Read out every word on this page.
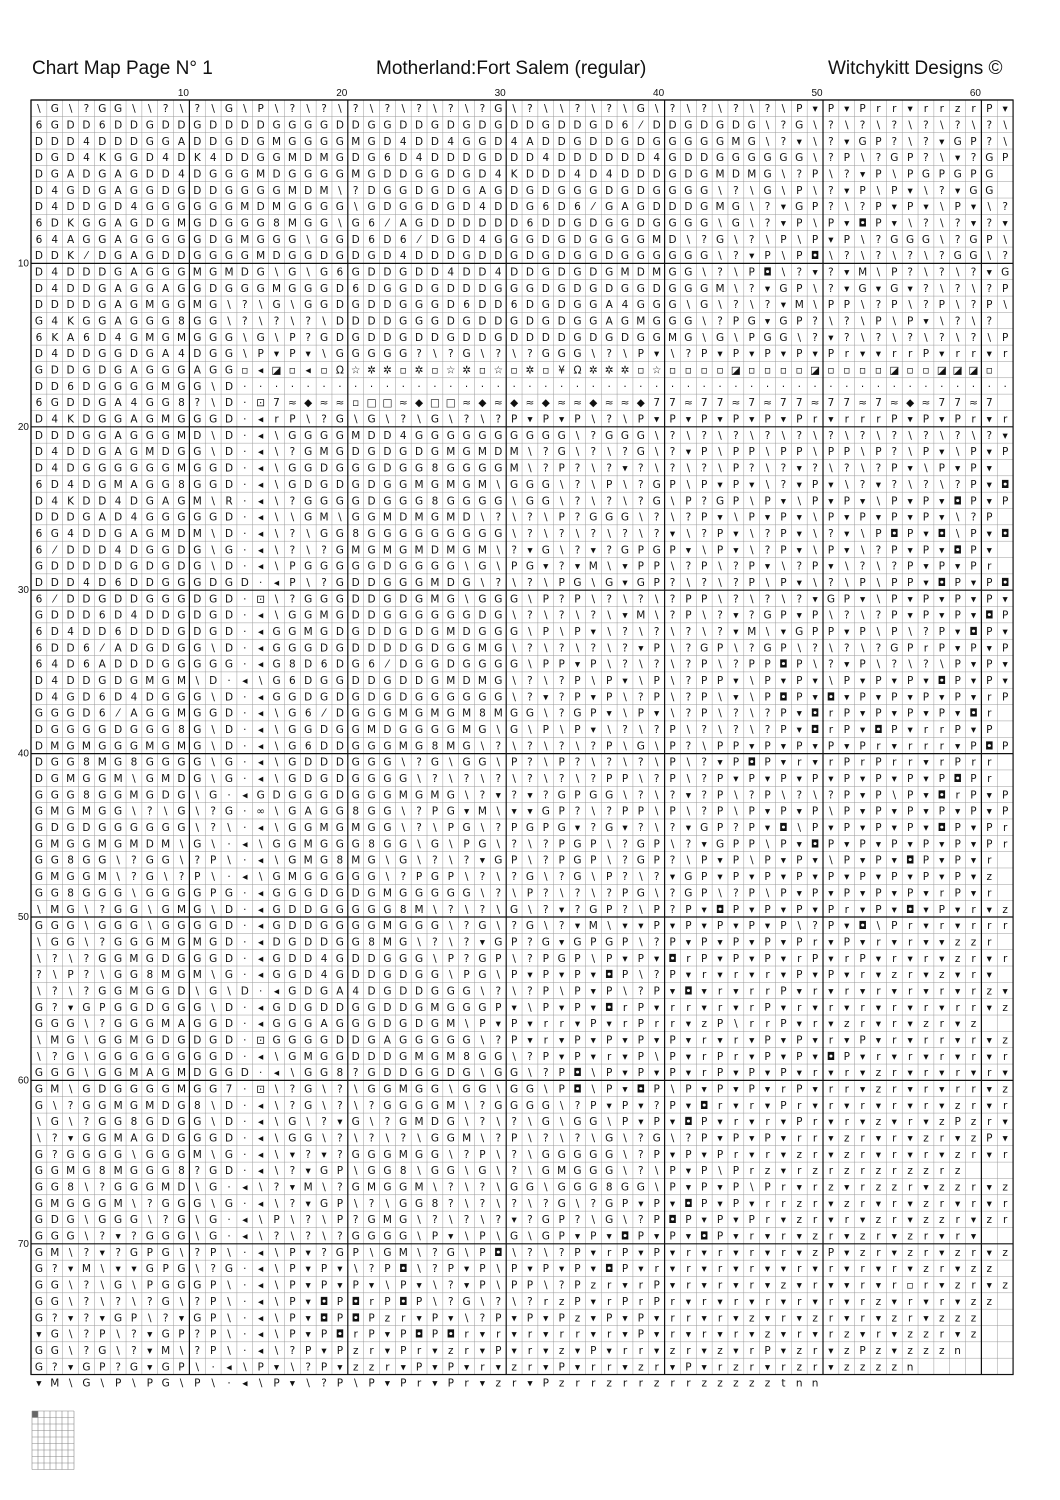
Chart Map Page N° 1	Motherland:Fort Salem (regular)	Witchykitt Designs ©
\ G \ ? G G \ \ ? \ ? \ G \ P \ ? \ ? \ ? \ ? \ ? \ ? \ ? G \ ? \ \ ? \ ? \ G \ ? \ ? \ ? \ ? \ P ▾ P ▾ P r r ▾ r r z r P ▾
6 G D D 6 D D G D D G D D D D G G G G D D G G D D G D G D G D D G D D G D 6 ⁄ D D G D G D G \ ? G \ ? \ ? \ ? \ ? \ ? \ ? \
D D D 4 D D D G G A D D G D G M G G G G M G D 4 D D 4 G G D 4 A D D G D D G D G G G G G M G \ ? ▾ \ ? ▾ G P ? \ ? ▾ G P ? \
D G D 4 K G G D 4 D K 4 D D G G M D M G D G 6 D 4 D D D G D D D 4 D D D D D D 4 G D D G G G G G G \ ? P \ ? G P ? \ ▾ ? G P
D G A D G A G D D 4 D G G G M D G G G G M G D D G G D G D 4 K D D D 4 D 4 D D D G D G M D M G \ ? P \ ? ▾ P \ P G P G P G
D 4 G D G A G G D G D D G G G G M D M \ ? D G G D G D G A G D G D G G G D G D G G G G \ ? \ G \ P \ ? ▾ P \ P ▾ \ ? ▾ G G
D 4 D D G D 4 G G G G G G M D M G G G G \ G D G G D G D 4 D D G 6 D 6 ⁄ G A G D D D G M G \ ? ▾ G P ? \ ? P ▾ P ▾ \ P ▾ \ ?
6 D K G G A G D G M G D G G G 8 M G G \ G 6 ⁄ A G D D D D D D 6 D D G D G G D G G G G \ G \ ? ▾ P \ P ▾ ◘ P ▾ \ ? \ ? ▾ ? ▾
6 4 A G G A G G G G G D G M G G G \ G G D 6 D 6 ⁄ D G D 4 G G G D G D G G G G M D \ ? G \ ? \ P \ P ▾ P \ ? G G G \ ? G P \
D D K ⁄ D G A G D D G G G G M D G G D G D G D 4 D D D G D D G D G D G G D G G G G G G \ ? ▾ P \ P ◘ \ ? \ ? \ ? \ ? G G \ ?
D 4 D D D G A G G G M G M D G \ G \ G 6 G D D G D D 4 D D 4 D D G D G D G M D M G G \ ? \ P ◘ \ ? ▾ ? ▾ M \ P ? \ ? \ ? ▾ G
D 4 D D G A G G A G G D G G G M G G G D 6 D G G D G D D D G G G D G D G D G G D G G G M \ ? ▾ G P \ ? ▾ G ▾ G ▾ ? \ ? \ ? P
D D D D G A G M G G M G \ ? \ G \ G G D G D D G G G D 6 D D 6 D G D G G A 4 G G G \ G \ ? \ ? ▾ M \ P P \ ? P \ ? P \ ? P \
G 4 K G G A G G G 8 G G \ ? \ ? \ ? \ D D D D G G G D G D D G D G D G G A G M G G G \ ? P G ▾ G P ? \ ? \ P \ P ▾ \ ? \ ?
6 K A 6 D 4 G M G M G G G \ G \ P ? G D G D D G D D G D D G D D D D G D G D G G M G \ G \ P G G \ ? ▾ ? \ ? \ ? \ ? \ ? \ P
D 4 D D G G D G A 4 D G G \ P ▾ P ▾ \ G G G G G ? \ ? G \ ? \ ? G G G \ ? \ P ▾ \ ? P ▾ P ▾ P ▾ P ▾ P r ▾ ▾ r r P ▾ r r ▾ r
G D D G D G A G G G A G G ▫ ◂ ◪ ▫ ◂ ▫ Ω ☆ ✲ ✲ ▫ ✲ ▫ ☆ ✲ ▫ ☆ ▫ ✲ ▫ ¥ Ω ✲ ✲ ✲ ▫ ☆ ▫ ▫ ▫ ▫ ◪ ▫ ▫ ▫ ▫ ◪ ▫ ▫ ▫ ▫ ◪ ▫ ▫ ◪ ◪ ◪ ▫
D D 6 D G G G G M G G \ D · · · · · · · · · · · · · · · · · · · · · · · · · · · · · · · · · · · · · · · · · · · · · · · · ·
6 G D D G A 4 G G 8 ? \ D · ⊡ 7 ≈ ◆ ≈ ≈ ▫ □ □ ≈ ◆ □ □ ≈ ◆ ≈ ◆ ≈ ◆ ≈ ≈ ◆ ≈ ≈ ◆ 7 7 ≈ 7 7 ≈ 7 ≈ 7 7 ≈ 7 7 ≈ 7 ≈ ◆ ≈ 7 7 ≈ 7
D 4 K D G G A G M G G G D · ◂ r P \ ? G \ G \ ? \ G \ ? \ ? P ▾ P ▾ P \ ? \ P ▾ P ▾ P ▾ P ▾ P ▾ P r ▾ r r r P ▾ P ▾ P r ▾ r
D D D G G A G G G M D \ D · ◂ \ G G G G M D D 4 G G G G G G G G G G \ ? G G G \ ? \ ? \ ? \ ? \ ? \ ? \ ? \ ? \ ? \ ? \ ? ▾
D 4 D D G A G M D G G \ D · ◂ \ ? G M G D G D G D G M G M D M \ ? G \ ? \ ? G \ ? ▾ P \ P P \ P P \ P P \ P ? \ P ▾ \ P ▾ P
D 4 D G G G G G G M G G D · ◂ \ G G D G G G D G G 8 G G G G M \ ? P ? \ ? ▾ ? \ ? \ ? \ P ? \ ? ▾ ? \ ? \ ? P ▾ \ P ▾ P ▾
6 D 4 D G M A G G 8 G G D · ◂ \ G D G D G D G G M G M G M \ G G G \ ? \ P \ ? G P \ P ▾ P ▾ \ ? ▾ P ▾ \ ? ▾ ? \ ? \ ? P ▾ ◘
D 4 K D D 4 D G A G M \ R · ◂ \ ? G G G G D G G G 8 G G G G \ G G \ ? \ ? \ ? G \ P ? G P \ P ▾ \ P ▾ P ▾ \ P ▾ P ▾ ◘ P ▾ P
D D D G A D 4 G G G G G D · ◂ \ \ G M \ G G M D M G M D \ ? \ ? \ P ? G G G \ ? \ ? P ▾ \ P ▾ P ▾ \ P ▾ P ▾ P ▾ P ▾ \ ? P
6 G 4 D D G A G M D M \ D · ◂ \ ? \ G G 8 G G G G G G G G G \ ? \ ? \ ? \ ? \ ? ▾ \ ? P ▾ \ ? P ▾ \ ? ▾ \ P ◘ P ▾ ◘ \ P ▾ ◘
6 ⁄ D D D 4 D G G D G \ G · ◂ \ ? \ ? G M G M G M D M G M \ ? ▾ G \ ? ▾ ? G P G P ▾ \ P ▾ \ ? P ▾ \ P ▾ \ ? P ▾ P ▾ ◘ P ▾
G D D D D D G D G D G \ D · ◂ \ P G G G G G D G G G G \ G \ P G ▾ ? ▾ M \ ▾ P P \ ? P \ ? P ▾ \ ? P ▾ \ ? \ ? P ▾ P ▾ P r
D D D 4 D 6 D D G G G D G D · ◂ P \ ? G D D G G G M D G \ ? \ ? \ P G \ G ▾ G P ? \ ? \ ? P \ P ▾ \ ? \ P \ P P ▾ ◘ P ▾ P ◘
6 ⁄ D D G D D G G G D G D · ⊡ \ ? G G G D D G D G M G \ G G G \ P ? P \ ? \ ? \ ? P P \ ? \ ? \ ? ▾ G P ▾ \ P ▾ P ▾ P ▾ P ▾
G D D D 6 D 4 D D G D G D · ◂ \ G G M G D D G G G G G G D G \ ? \ ? \ ? \ ▾ M \ ? P \ ? ▾ ? G P ▾ P \ ? \ ? P ▾ P ▾ P ▾ ◘ P
6 D 4 D D 6 D D D G D G D · ◂ G G M G D G D D G D G M D G G G \ P \ P ▾ \ ? \ ? \ ? \ ? ▾ M \ ▾ G P P ▾ P \ P \ ? P ▾ ◘ P ▾
6 D D 6 ⁄ A D G D G G \ D · ◂ G G G D G D D D D G D G G M G \ ? \ ? \ ? \ ? ▾ P \ ? G P \ ? G P \ ? \ ? \ ? G P r P ▾ P ▾ P
6 4 D 6 A D D D G G G G G · ◂ G 8 D 6 D G 6 ⁄ D G G D G G G G \ P P ▾ P \ ? \ ? \ ? P \ ? P P ◘ P \ ? ▾ P \ ? \ ? \ P ▾ P ▾
D 4 D D G D G M G M \ D · ◂ \ G 6 D G G D D G D D G M D M G \ ? \ ? P \ P ▾ \ P \ ? P P ▾ \ P ▾ P ▾ \ P ▾ P ▾ P ▾ ◘ P ▾ P ▾
D 4 G D 6 D 4 D G G G \ D · ◂ G G D G D G D G D G G G G G G \ ? ▾ ? P ▾ P \ ? P \ ? P \ ▾ \ P ◘ P ▾ ◘ ▾ P ▾ P ▾ P ▾ P ▾ r P
G G G D 6 ⁄ A G G M G G D · ◂ \ G 6 ⁄ D G G G M G M G M 8 M G G \ ? G P ▾ \ P ▾ \ ? P \ ? \ ? P ▾ ◘ r P ▾ P ▾ P ▾ P ▾ ◘ r
D G G G G D G G G 8 G \ D · ◂ \ G G D G G M D G G G G M G \ G \ P \ P ▾ \ ? \ ? P \ ? \ ? \ ? P ▾ ◘ r P ▾ ◘ P ▾ r r P ▾ P
D M G M G G G M G M G \ D · ◂ \ G 6 D D G G G M G 8 M G \ ? \ ? \ ? \ ? P \ G \ P ? \ P P ▾ P ▾ P ▾ P ▾ P r ▾ r r r ▾ P ◘ P
D G G 8 M G 8 G G G G \ G · ◂ \ G D D D G G G \ ? G \ G G \ P ? \ P ? \ ? \ ? \ P \ ? ▾ P ◘ P ▾ r ▾ r P r P r r ▾ r P r r
D G M G G M \ G M D G \ G · ◂ \ G D G D G G G G \ ? \ ? \ ? \ ? \ ? \ ? P P \ ? P \ ? P ▾ P ▾ P ▾ P ▾ P ▾ P ▾ P ▾ P ◘ P r
G G G 8 G G M G D G \ G · ◂ G D G G G D G G G M G M G \ ? ▾ ? ▾ ? G P G G \ ? \ ? ▾ ? P \ ? P \ ? \ ? P ▾ P \ P ▾ ◘ r P ▾ P
G M G M G G \ ? \ G \ ? G · ∞ \ G A G G 8 G G \ ? P G ▾ M \ ▾ ▾ G P ? \ ? P P \ P \ ? P \ P ▾ P ▾ P \ P ▾ P ▾ P ▾ P ▾ P ▾ P
G D G D G G G G G G \ ? \ · ◂ \ G G M G M G G \ ? \ P G \ ? P G P G ▾ ? G ▾ ? \ ? ▾ G P ? P ▾ ◘ \ P ▾ P ▾ P ▾ P ▾ ◘ P ▾ P r
G M G G M G M D M \ G \ · ◂ \ G G M G G G 8 G G \ G \ P G \ ? \ ? P G P \ ? G P \ ? ▾ G P P \ P ▾ ◘ P ▾ P ▾ P ▾ P ▾ P ▾ P r
G G 8 G G \ ? G G \ ? P \ · ◂ \ G M G 8 M G \ G \ ? \ ? ▾ G P \ ? P G P \ ? G P ? \ P ▾ P \ P ▾ P ▾ \ P ▾ P ▾ ◘ P ▾ P ▾ r
G M G G M \ ? G \ ? P \ · ◂ \ G M G G G G G \ ? P G P \ ? \ ? G \ ? G \ P ? \ ? ▾ G P ▾ P ▾ P ▾ P ▾ P ▾ P ▾ P ▾ P ▾ P ▾ z
G G 8 G G G \ G G G G P G · ◂ G G G D G D G M G G G G G \ ? \ P ? \ ? \ ? P G \ ? G P \ ? P \ P ▾ P ▾ P ▾ P ▾ P ▾ r P ▾ r
\ M G \ ? G G \ G M G \ D · ◂ G D D G G G G G 8 M \ ? \ ? \ G \ ? ▾ ? G P ? \ P ? P ▾ ◘ P ▾ P ▾ P ▾ P r ▾ P ▾ ◘ ▾ P ▾ r ▾ z
G G G \ G G G \ G G G G D · ◂ G D D G G G G M G G G \ ? G \ ? G \ ? ▾ M \ ▾ ▾ P ▾ P ▾ P ▾ P ▾ P \ ? P ▾ ◘ \ P r ▾ r ▾ r r r
\ G G \ ? G G G M G M G D · ◂ D G D D G G 8 M G \ ? \ ? ▾ G P ? G ▾ G P G P \ ? P ▾ P ▾ P ▾ P ▾ P r ▾ P ▾ r ▾ r ▾ ▾ z z r
\ ? \ ? G G M G D G G G D · ◂ G D D 4 G D D G G G \ P ? G P \ ? P G P \ P ▾ P ▾ ◘ r P ▾ P ▾ P ▾ r P ▾ r P ▾ r ▾ r ▾ z r ▾ r
? \ P ? \ G G 8 M G M \ G · ◂ G G D 4 G D D G D G G \ P G \ P ▾ P ▾ P ▾ ◘ P \ ? P ▾ r ▾ r ▾ r ▾ P ▾ P ▾ r ▾ z r ▾ z ▾ r ▾
\ ? \ ? G G M G G D \ G \ D · ◂ G D G A 4 D G D D G G G \ ? \ ? P \ P ▾ P \ ? P ▾ ◘ ▾ r ▾ r r P ▾ r ▾ r ▾ r ▾ r ▾ r ▾ r z ▾
G ? ▾ G P G G D G G G \ D · ◂ G D G D D G G D D G M G G G P ▾ \ P ▾ P ▾ ◘ r P ▾ r r ▾ r ▾ r P ▾ r ▾ r ▾ r ▾ r ▾ r ▾ r r ▾ z
G G G \ ? G G G M A G G D · ◂ G G G A G G G D G D G M \ P ▾ P ▾ r r ▾ P ▾ r P r r ▾ z P \ r r P ▾ r ▾ z r ▾ r ▾ z r ▾ z
\ M G \ G G M G D G D G D · ⊡ G G G G D D G A G G G G G \ ? P ▾ r ▾ P ▾ P ▾ P ▾ P ▾ r ▾ r ▾ P ▾ P ▾ r ▾ P ▾ r ▾ r r ▾ r ▾ z
\ ? G \ G G G G G G G G D · ◂ \ G M G G D D D G M G M 8 G G \ ? P ▾ P ▾ r ▾ P \ P ▾ r P r ▾ P ▾ P ▾ ◘ P ▾ r ▾ r ▾ r ▾ r ▾ r
G G G \ G G M A G M D G G D · ◂ \ G G 8 ? G D D G G D G \ G G \ ? P ◘ \ P ▾ P ▾ P ▾ r P ▾ P ▾ P ▾ r ▾ r ▾ z r ▾ r ▾ r ▾ r ▾
G M \ G D G G G G M G G 7 · ⊡ \ ? G \ ? \ G G M G G \ G G \ G G \ P ◘ \ P ▾ ◘ P \ P ▾ P ▾ P ▾ r P ▾ r r ▾ z r ▾ r ▾ r r ▾ z
G \ ? G G M G M D G 8 \ D · ◂ \ ? G \ ? \ ? G G G G M \ ? G G G G \ ? P ▾ P ▾ ? P ▾ ◘ r ▾ r ▾ P r ▾ r ▾ r ▾ r ▾ r ▾ z r ▾ r
\ G \ ? G G 8 G D G G \ D · ◂ \ G \ ? ▾ G \ ? G M D G \ ? \ ? \ G \ G G \ P ▾ P ▾ ◘ P ▾ r ▾ r ▾ P r ▾ r ▾ z ▾ r ▾ z P z r ▾
\ ? ▾ G G M A G D G G G D · ◂ \ G G \ ? \ ? \ ? \ G G M \ ? P \ ? \ ? \ G \ ? G \ ? P ▾ P ▾ P ▾ r r ▾ z r ▾ r ▾ z r ▾ z P ▾
G ? G G G G \ G G G M \ G · ◂ \ ▾ ? ▾ ? G G G M G G \ ? P \ ? \ G G G G G \ ? P ▾ P ▾ P r ▾ r ▾ z r ▾ z r ▾ r ▾ r ▾ z r ▾ r
G G M G 8 M G G G 8 ? G D · ◂ \ ? ▾ G P \ G G 8 \ G G \ G \ ? \ G M G G G \ ? \ P ▾ P \ P r z ▾ r z r z r z r z z r z
G G 8 \ ? G G G M D \ G · ◂ \ ? ▾ M \ ? G M G G M \ ? \ ? \ G G \ G G G 8 G G \ P ▾ P ▾ P \ P r ▾ r z ▾ r z z r ▾ z z r ▾ z
G M G G G M \ ? G G G \ G · ◂ \ ? ▾ G P \ ? \ G G 8 ? \ ? \ ? \ ? G \ ? G P ▾ P ▾ ◘ P ▾ P ▾ r r z r ▾ z r ▾ r ▾ z r ▾ r ▾ r
G D G \ G G G \ ? G \ G · ◂ \ P \ ? \ P ? G M G \ ? \ ? \ ? ▾ ? G P ? \ G \ ? P ◘ P ▾ P ▾ P r ▾ z r ▾ r ▾ z r ▾ z z r ▾ z r
G G G \ ? ▾ ? G G G \ G · ◂ \ ? \ ? \ ? G G G G \ P ▾ \ P \ G \ G P ▾ P ▾ ◘ P ▾ P ▾ ◘ P ▾ r ▾ r ▾ z r ▾ z r ▾ z r ▾ r ▾
G M \ ? ▾ ? G P G \ ? P \ · ◂ \ P ▾ ? G P \ G M \ ? G \ P ◘ \ ? \ ? P ▾ r P ▾ P ▾ r ▾ r ▾ r ▾ r ▾ z P ▾ z r ▾ z r ▾ z r ▾ z
G ? ▾ M \ ▾ ▾ G P G \ ? G · ◂ \ P ▾ P ▾ \ ? P ◘ \ ? P ▾ P \ P ▾ P ▾ P ▾ ◘ P ▾ r ▾ r ▾ r ▾ r ▾ ▾ r ▾ r ▾ r ▾ r ▾ z r ▾ z z
G G \ ? \ G \ P G G G P \ · ◂ \ P ▾ P ▾ P ▾ \ P ▾ \ ? ▾ P \ P P \ ? P z r ▾ r P ▾ r ▾ r ▾ r ▾ z ▾ r ▾ ▾ r ▾ r ▫ r ▾ z r ▾ z
G G \ ? \ ? \ ? G \ ? P \ · ◂ \ P ▾ ◘ P ◘ r P ◘ P \ ? G \ ? \ ? r z P ▾ r P r P r ▾ r ▾ r ▾ r ▾ r ▾ r ▾ r z ▾ r ▾ r ▾ z z
G ? ▾ ? ▾ G P \ ? ▾ G P \ · ◂ \ P ▾ ◘ P ◘ P z r ▾ P ▾ \ ? P ▾ P ▾ P z ▾ P ▾ P ▾ r r ▾ r ▾ z ▾ r ▾ z r ▾ r ▾ z r ▾ z z z
▾ G \ ? P \ ? ▾ G P ? P \ · ◂ \ P ▾ P ◘ r P ▾ P ◘ P ◘ r ▾ r ▾ r ▾ r r ▾ r ▾ P ▾ r ▾ r ▾ r ▾ z ▾ r ▾ r z ▾ r ▾ z z r ▾ z
G G \ ? G \ ? ▾ M \ ? P \ · ◂ \ ? P ▾ P z r ▾ P r ▾ z r ▾ P ▾ r ▾ z ▾ P ▾ r r ▾ z r ▾ z ▾ r P ▾ z r ▾ z P z ▾ z z z n
G ? ▾ G P ? G ▾ G P \ · ◂ \ P ▾ \ ? P ▾ z z r ▾ P ▾ P ▾ r ▾ z r ▾ P ▾ r r ▾ z r ▾ P ▾ r z r ▾ r z r ▾ z z z z n
▾ M \ G \ P \ P G \ P \ · ◂ \ P ▾ \ ? P \ P ▾ P r ▾ P r ▾ z r ▾ P z r r z r r z r r z z z z z t n n
10	20	30	40	50	60
10
20
30
40
50
60
70
